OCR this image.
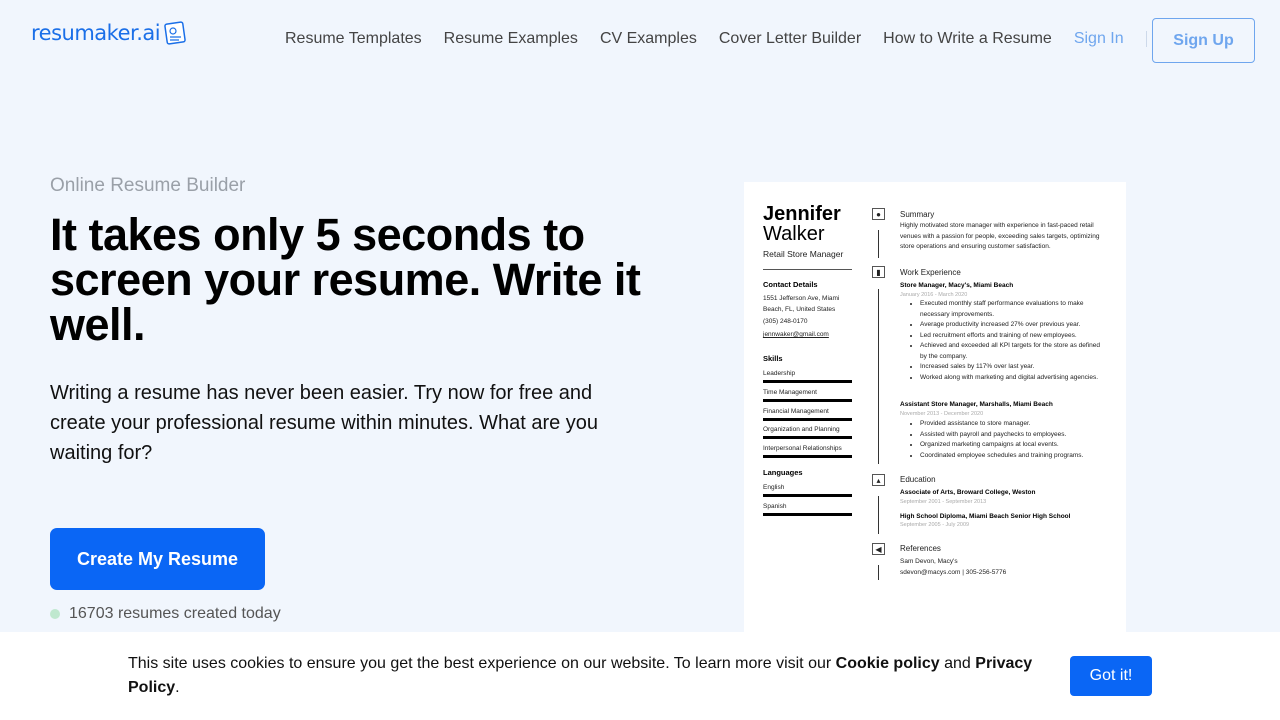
resumaker.ai	Resume Templates Resume Examples CV Examples Cover Letter Builder How to Write a Resume Sign In	Sign Up
Online Resume Builder
It takes only 5 seconds to screen your resume. Write it well.

Writing a resume has never been easier. Try now for free and create your professional resume within minutes. What are you waiting for?

Create My Resume
16703 resumes created today
Jennifer
Walker
Retail Store Manager
Contact Details
1551 Jefferson Ave, Miami Beach, FL, United States
(305) 248-0170
jennwaker@gmail.com
Skills
Leadership
Time Management
Financial Management
Organization and Planning
Interpersonal Relationships
Languages
English
Spanish
●
▮
▴
◀
Summary
Highly motivated store manager with experience in fast-paced retail venues with a passion for people, exceeding sales targets, optimizing store operations and ensuring customer satisfaction.
Work Experience
Store Manager, Macy's, Miami Beach
January 2016 - March 2020
• Executed monthly staff performance evaluations to make necessary improvements.
• Average productivity increased 27% over previous year.
• Led recruitment efforts and training of new employees.
• Achieved and exceeded all KPI targets for the store as defined by the company.
• Increased sales by 117% over last year.
• Worked along with marketing and digital advertising agencies.
Assistant Store Manager, Marshalls, Miami Beach
November 2013 - December 2020
• Provided assistance to store manager.
• Assisted with payroll and paychecks to employees.
• Organized marketing campaigns at local events.
• Coordinated employee schedules and training programs.
Education
Associate of Arts, Broward College, Weston
September 2001 - September 2013
High School Diploma, Miami Beach Senior High School
September 2005 - July 2009
References
Sam Devon, Macy's
sdevon@macys.com | 305-256-5776
This site uses cookies to ensure you get the best experience on our website. To learn more visit our Cookie policy and Privacy Policy.
Got it!
